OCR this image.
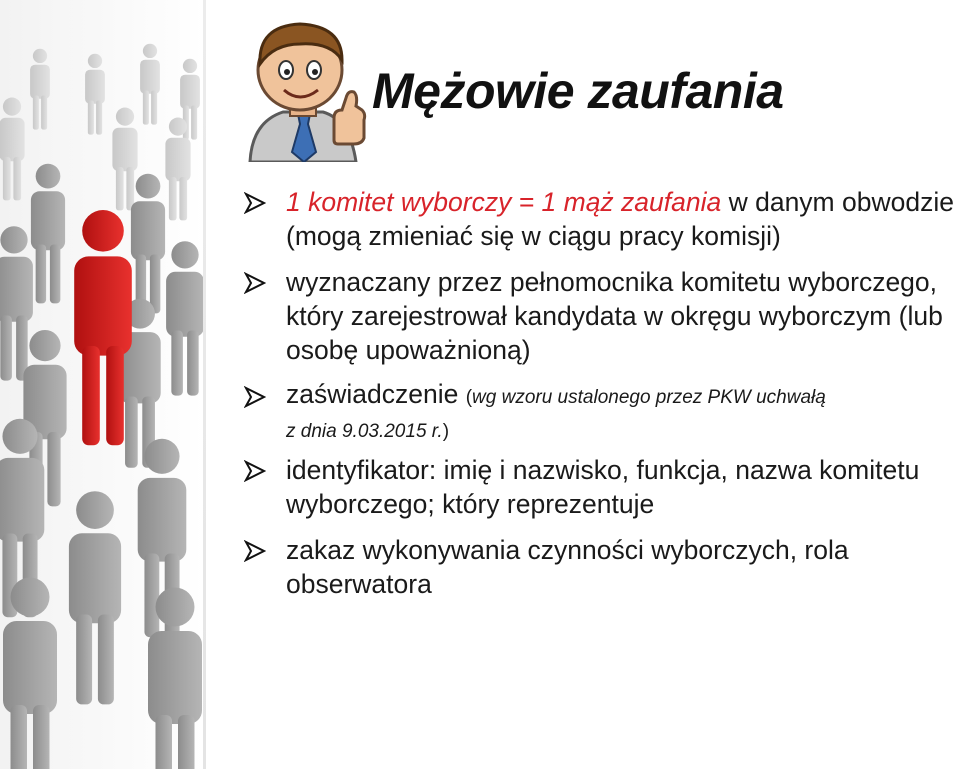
Mężowie zaufania
1 komitet wyborczy = 1 mąż zaufania w danym obwodzie (mogą zmieniać się w ciągu pracy komisji)
wyznaczany przez pełnomocnika komitetu wyborczego, który zarejestrował kandydata w okręgu wyborczym (lub osobę upoważnioną)
zaświadczenie (wg wzoru ustalonego przez PKW uchwałą
z dnia 9.03.2015 r.)
identyfikator: imię i nazwisko, funkcja, nazwa komitetu wyborczego; który reprezentuje
zakaz wykonywania czynności wyborczych, rola obserwatora
